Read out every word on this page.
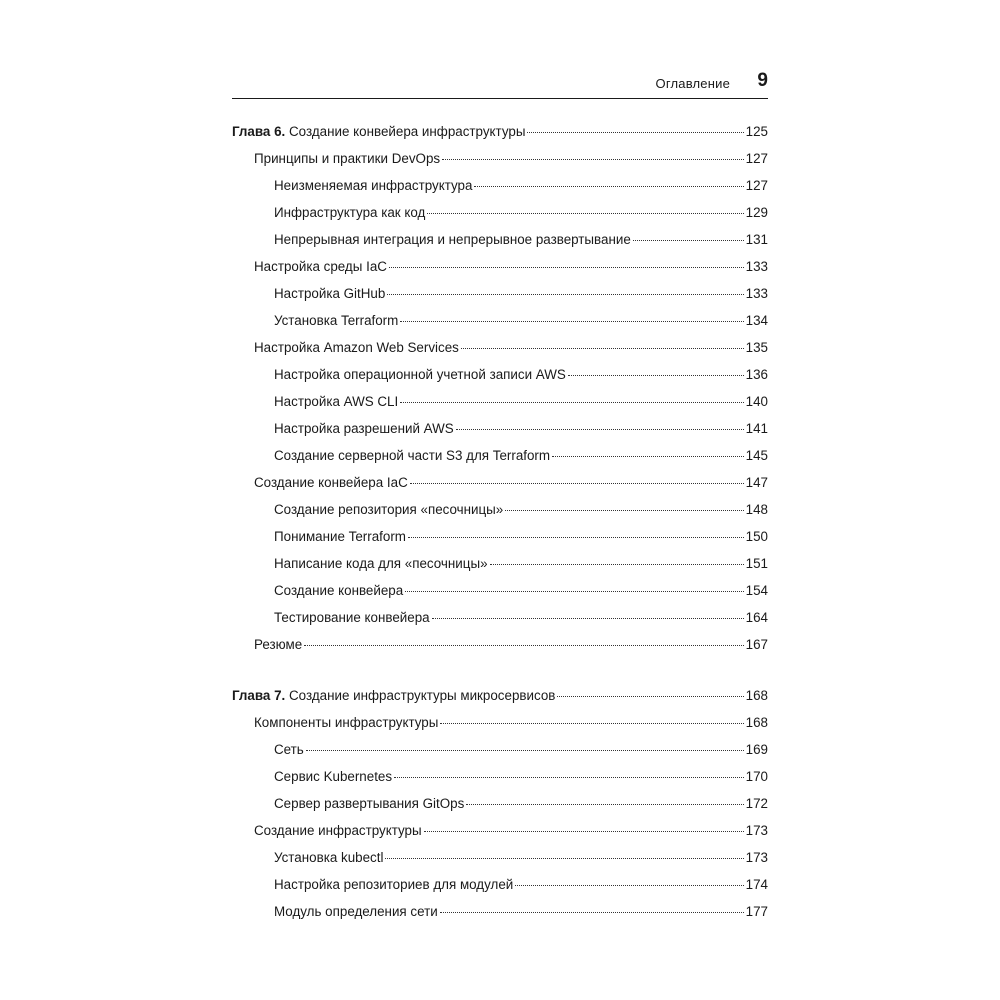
Оглавление 9
Глава 6. Создание конвейера инфраструктуры	125
Принципы и практики DevOps	127
Неизменяемая инфраструктура	127
Инфраструктура как код	129
Непрерывная интеграция и непрерывное развертывание	131
Настройка среды IaC	133
Настройка GitHub	133
Установка Terraform	134
Настройка Amazon Web Services	135
Настройка операционной учетной записи AWS	136
Настройка AWS CLI	140
Настройка разрешений AWS	141
Создание серверной части S3 для Terraform	145
Создание конвейера IaC	147
Создание репозитория «песочницы»	148
Понимание Terraform	150
Написание кода для «песочницы»	151
Создание конвейера	154
Тестирование конвейера	164
Резюме	167
Глава 7. Создание инфраструктуры микросервисов	168
Компоненты инфраструктуры	168
Сеть	169
Сервис Kubernetes	170
Сервер развертывания GitOps	172
Создание инфраструктуры	173
Установка kubectl	173
Настройка репозиториев для модулей	174
Модуль определения сети	177
